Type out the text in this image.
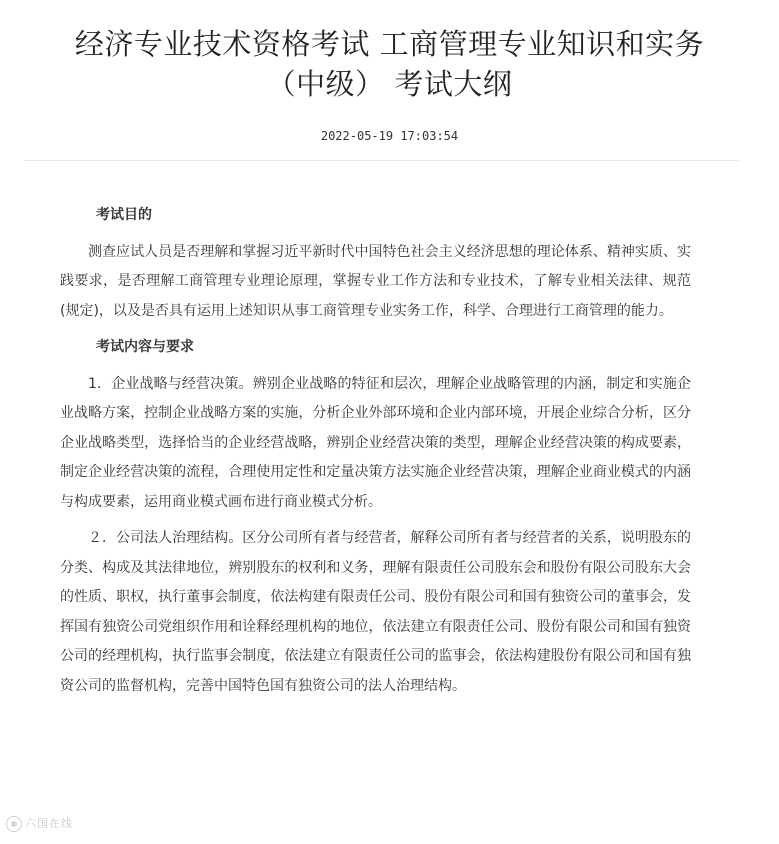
经济专业技术资格考试 工商管理专业知识和实务
（中级） 考试大纲
2022-05-19 17:03:54
考试目的

测查应试人员是否理解和掌握习近平新时代中国特色社会主义经济思想的理论体系、精神实质、实践要求，是否理解工商管理专业理论原理，掌握专业工作方法和专业技术，了解专业相关法律、规范(规定)，以及是否具有运用上述知识从事工商管理专业实务工作，科学、合理进行工商管理的能力。

考试内容与要求

1．企业战略与经营决策。辨别企业战略的特征和层次，理解企业战略管理的内涵，制定和实施企业战略方案，控制企业战略方案的实施，分析企业外部环境和企业内部环境，开展企业综合分析，区分企业战略类型，选择恰当的企业经营战略，辨别企业经营决策的类型，理解企业经营决策的构成要素，制定企业经营决策的流程，合理使用定性和定量决策方法实施企业经营决策，理解企业商业模式的内涵与构成要素，运用商业模式画布进行商业模式分析。

２．公司法人治理结构。区分公司所有者与经营者，解释公司所有者与经营者的关系，说明股东的分类、构成及其法律地位，辨别股东的权利和义务，理解有限责任公司股东会和股份有限公司股东大会的性质、职权，执行董事会制度，依法构建有限责任公司、股份有限公司和国有独资公司的董事会，发挥国有独资公司党组织作用和诠释经理机构的地位，依法建立有限责任公司、股份有限公司和国有独资公司的经理机构，执行监事会制度，依法建立有限责任公司的监事会，依法构建股份有限公司和国有独资公司的监督机构，完善中国特色国有独资公司的法人治理结构。

六国在线
